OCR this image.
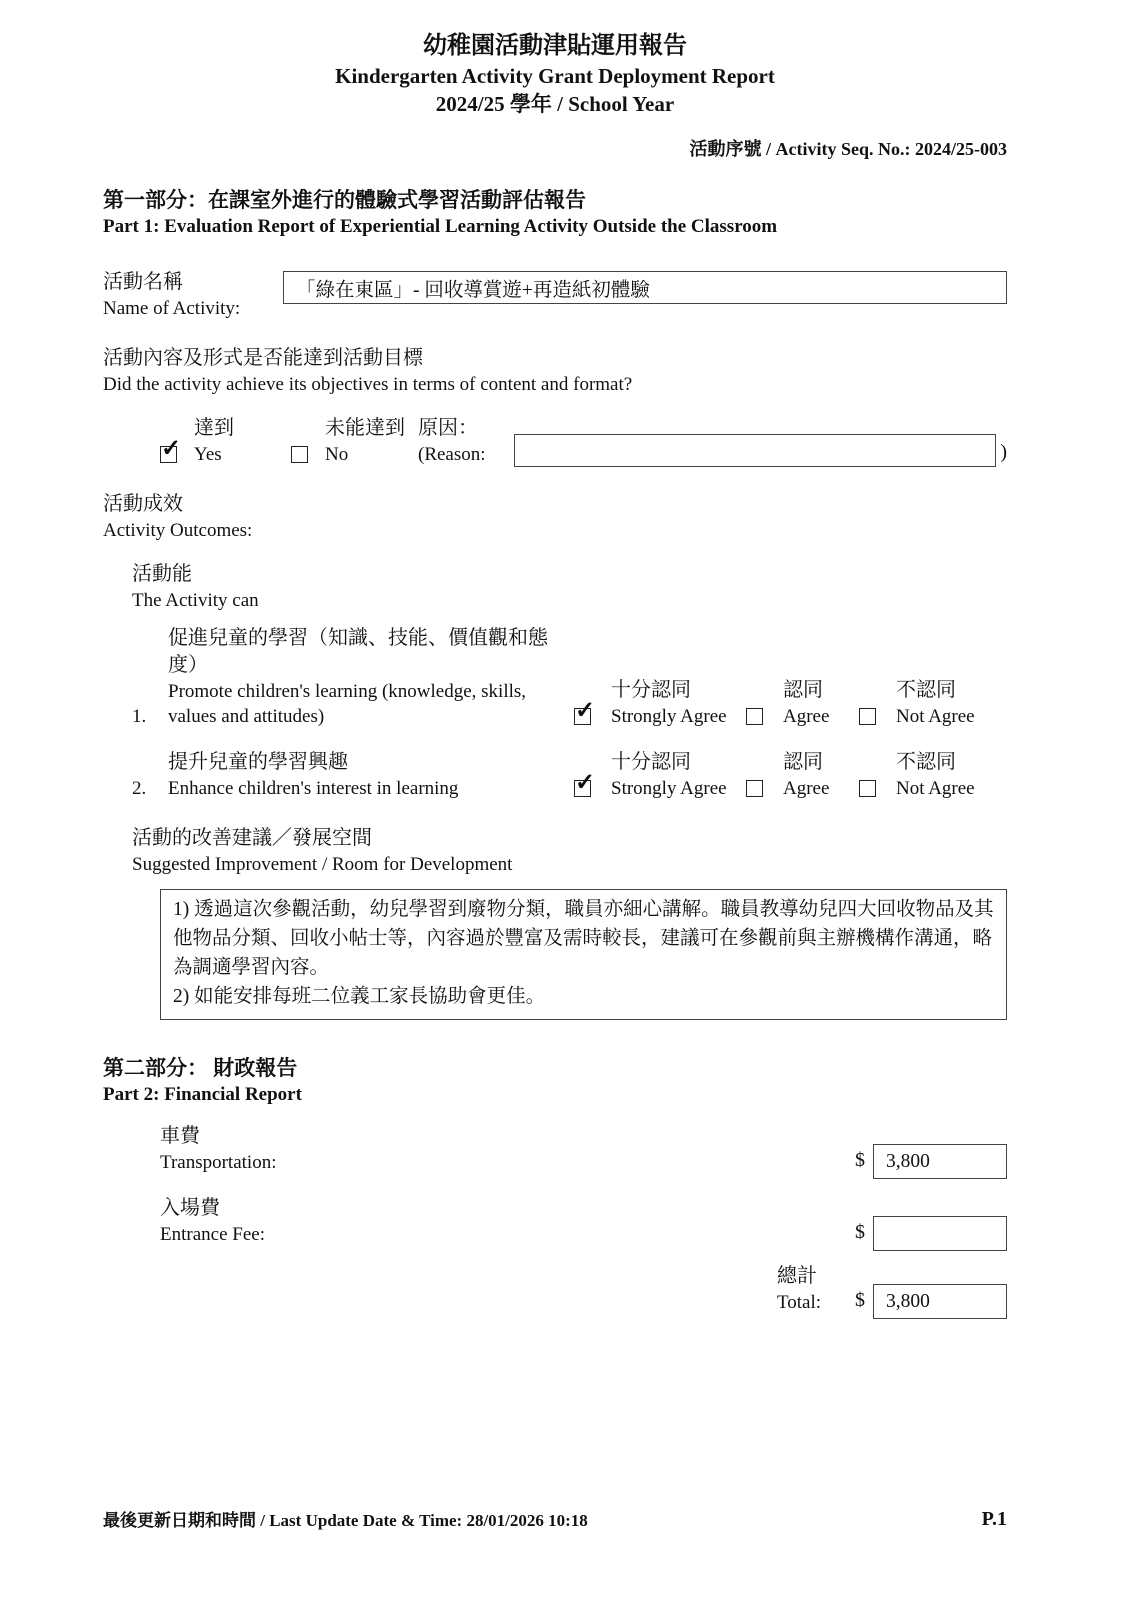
幼稚園活動津貼運用報告
Kindergarten Activity Grant Deployment Report
2024/25 學年 / School Year
活動序號 / Activity Seq. No.: 2024/25-003
第一部分：在課室外進行的體驗式學習活動評估報告
Part 1: Evaluation Report of Experiential Learning Activity Outside the Classroom
活動名稱
Name of Activity:
「綠在東區」- 回收導賞遊+再造紙初體驗
活動內容及形式是否能達到活動目標
Did the activity achieve its objectives in terms of content and format?
✓
達到
Yes
未能達到
No
原因：
(Reason:	)
活動成效
Activity Outcomes:
活動能
The Activity can
1.
促進兒童的學習（知識、技能、價值觀和態度）
Promote children's learning (knowledge, skills, values and attitudes)
✓
十分認同
Strongly Agree
認同
Agree
不認同
Not Agree
2.
提升兒童的學習興趣
Enhance children's interest in learning
✓
十分認同
Strongly Agree
認同
Agree
不認同
Not Agree
活動的改善建議／發展空間
Suggested Improvement / Room for Development
1) 透過這次參觀活動，幼兒學習到廢物分類，職員亦細心講解。職員教導幼兒四大回收物品及其他物品分類、回收小帖士等，內容過於豐富及需時較長，建議可在參觀前與主辦機構作溝通，略為調適學習內容。
2) 如能安排每班二位義工家長協助會更佳。
第二部分： 財政報告
Part 2: Financial Report
車費
Transportation:	$	3,800
入場費
Entrance Fee:	$
總計
Total:	$	3,800
最後更新日期和時間 / Last Update Date & Time: 28/01/2026 10:18	P.1
